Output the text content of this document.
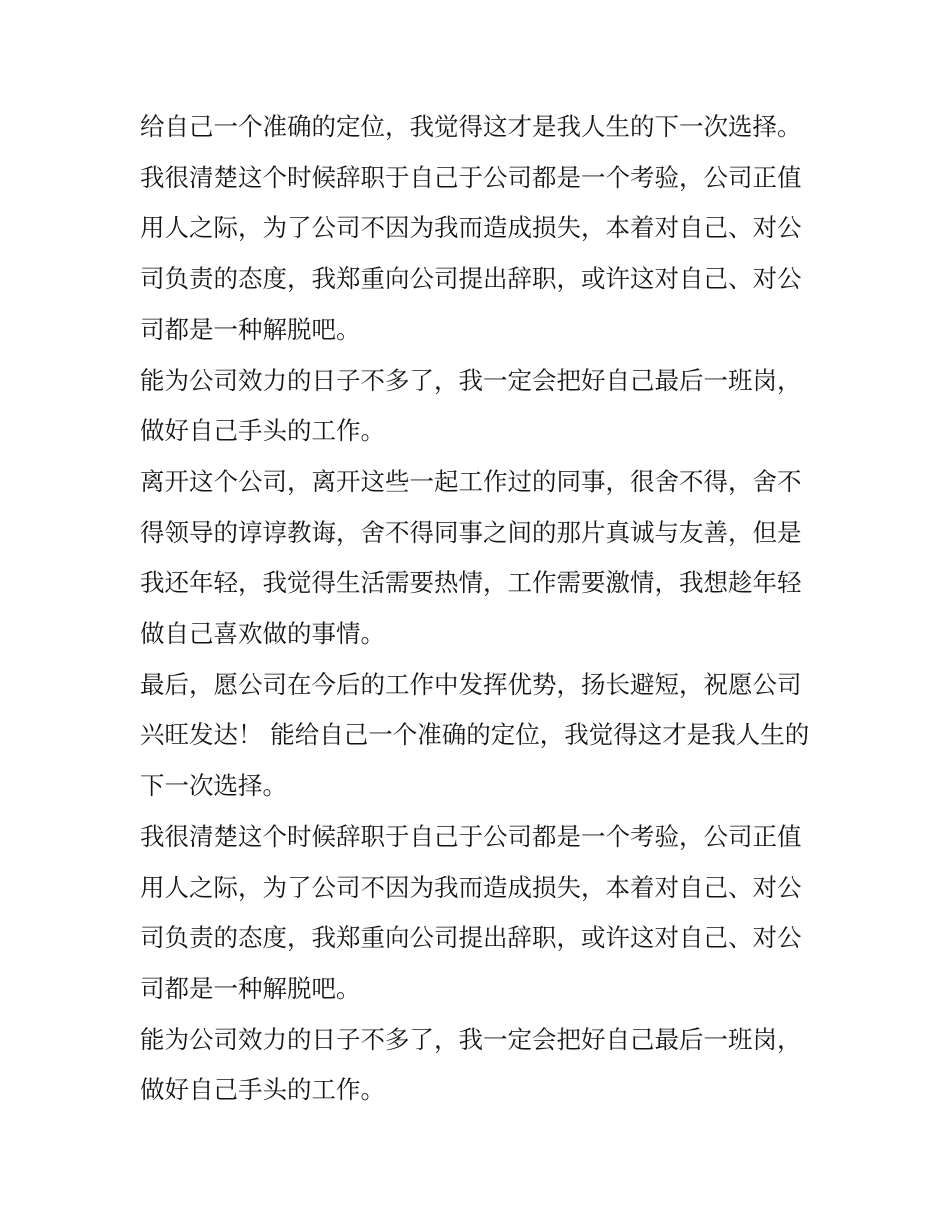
给自己一个准确的定位，我觉得这才是我人生的下一次选择。

我很清楚这个时候辞职于自己于公司都是一个考验，公司正值用人之际，为了公司不因为我而造成损失，本着对自己、对公司负责的态度，我郑重向公司提出辞职，或许这对自己、对公司都是一种解脱吧。

能为公司效力的日子不多了，我一定会把好自己最后一班岗，做好自己手头的工作。

离开这个公司，离开这些一起工作过的同事，很舍不得，舍不得领导的谆谆教诲，舍不得同事之间的那片真诚与友善，但是我还年轻，我觉得生活需要热情，工作需要激情，我想趁年轻做自己喜欢做的事情。

最后，愿公司在今后的工作中发挥优势，扬长避短，祝愿公司兴旺发达！ 能给自己一个准确的定位，我觉得这才是我人生的下一次选择。

我很清楚这个时候辞职于自己于公司都是一个考验，公司正值用人之际，为了公司不因为我而造成损失，本着对自己、对公司负责的态度，我郑重向公司提出辞职，或许这对自己、对公司都是一种解脱吧。

能为公司效力的日子不多了，我一定会把好自己最后一班岗，做好自己手头的工作。
